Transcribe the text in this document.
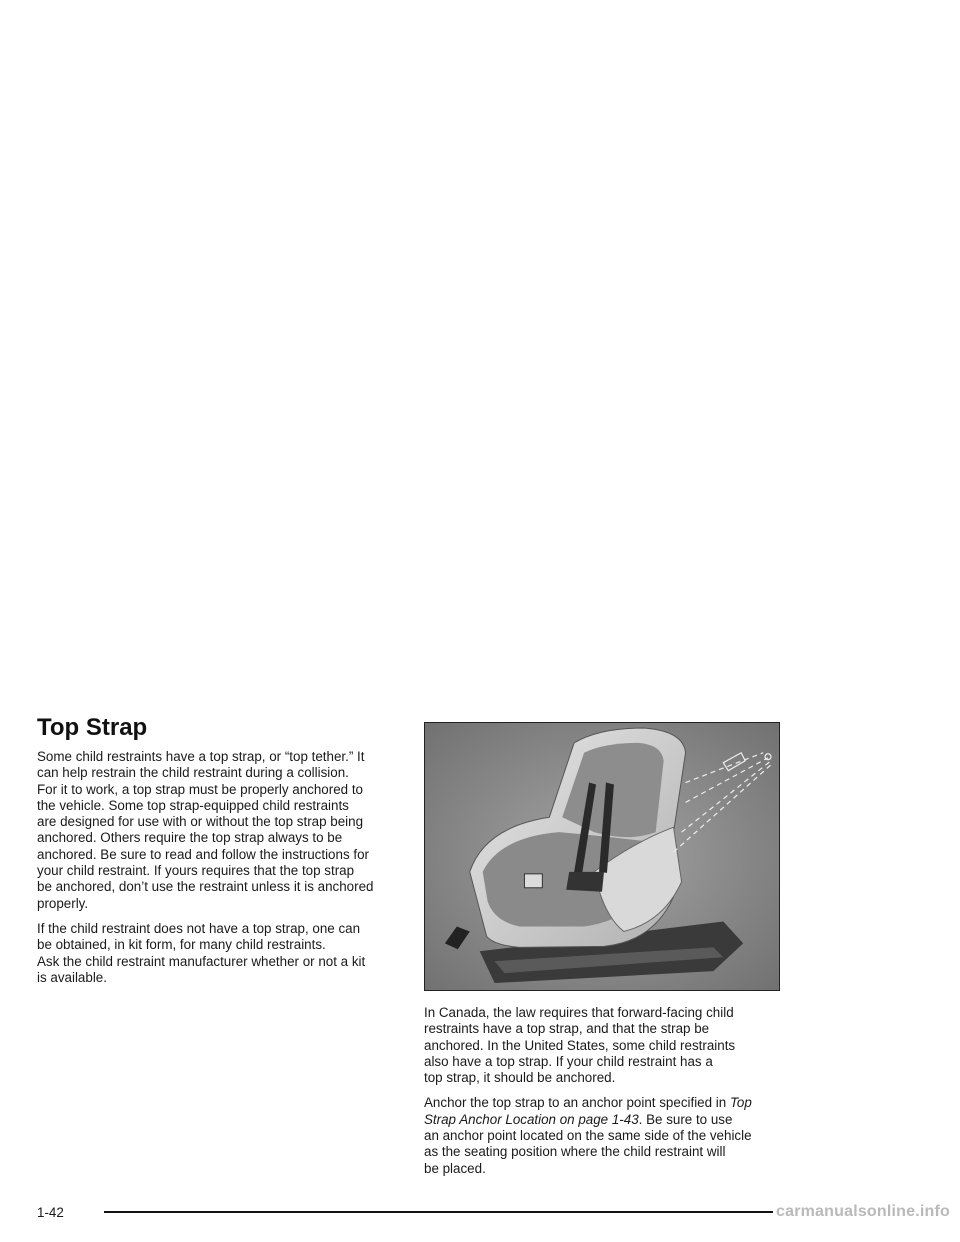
Top Strap

Some child restraints have a top strap, or “top tether.” It
can help restrain the child restraint during a collision.
For it to work, a top strap must be properly anchored to
the vehicle. Some top strap-equipped child restraints
are designed for use with or without the top strap being
anchored. Others require the top strap always to be
anchored. Be sure to read and follow the instructions for
your child restraint. If yours requires that the top strap
be anchored, don’t use the restraint unless it is anchored
properly.

If the child restraint does not have a top strap, one can
be obtained, in kit form, for many child restraints.
Ask the child restraint manufacturer whether or not a kit
is available.

In Canada, the law requires that forward-facing child
restraints have a top strap, and that the strap be
anchored. In the United States, some child restraints
also have a top strap. If your child restraint has a
top strap, it should be anchored.

Anchor the top strap to an anchor point specified in Top
Strap Anchor Location on page 1-43. Be sure to use
an anchor point located on the same side of the vehicle
as the seating position where the child restraint will
be placed.

1-42	carmanualsonline.info
